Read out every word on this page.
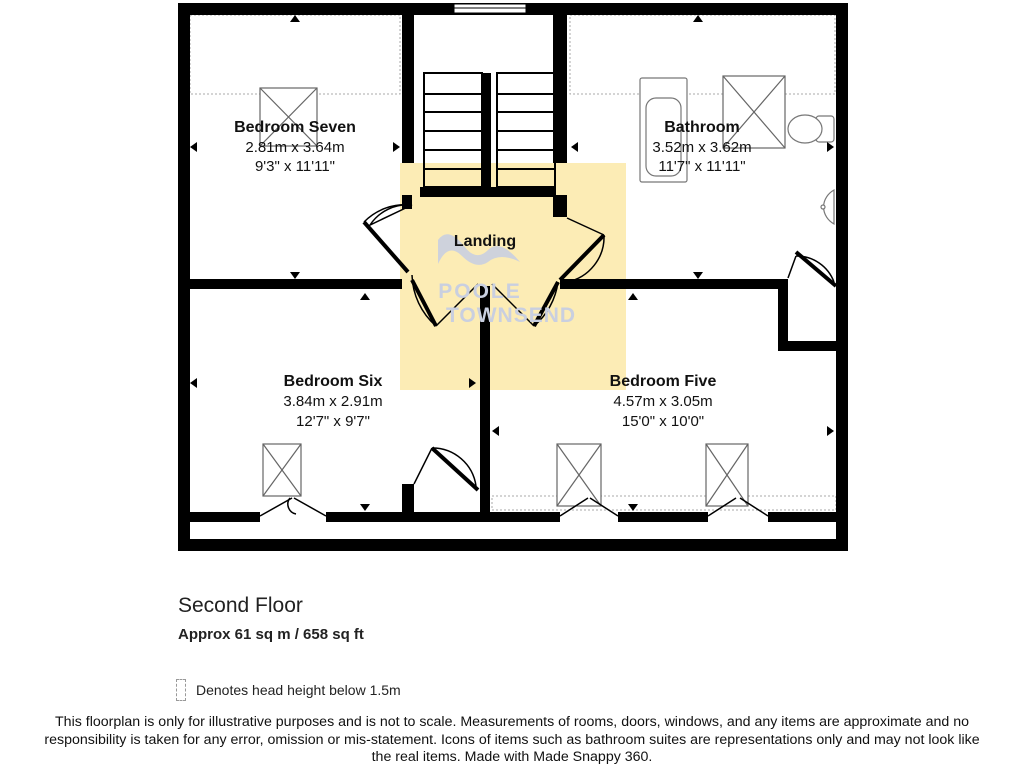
POOLE
TOWNSEND
Bedroom Seven
2.81m x 3.64m
9'3" x 11'11"
Bathroom
3.52m x 3.62m
11'7" x 11'11"
Landing
Bedroom Six
3.84m x 2.91m
12'7" x 9'7"
Bedroom Five
4.57m x 3.05m
15'0" x 10'0"
Second Floor
Approx 61 sq m / 658 sq ft
Denotes head height below 1.5m
This floorplan is only for illustrative purposes and is not to scale. Measurements of rooms, doors, windows, and any items are approximate and no responsibility is taken for any error, omission or mis-statement. Icons of items such as bathroom suites are representations only and may not look like the real items. Made with Made Snappy 360.
